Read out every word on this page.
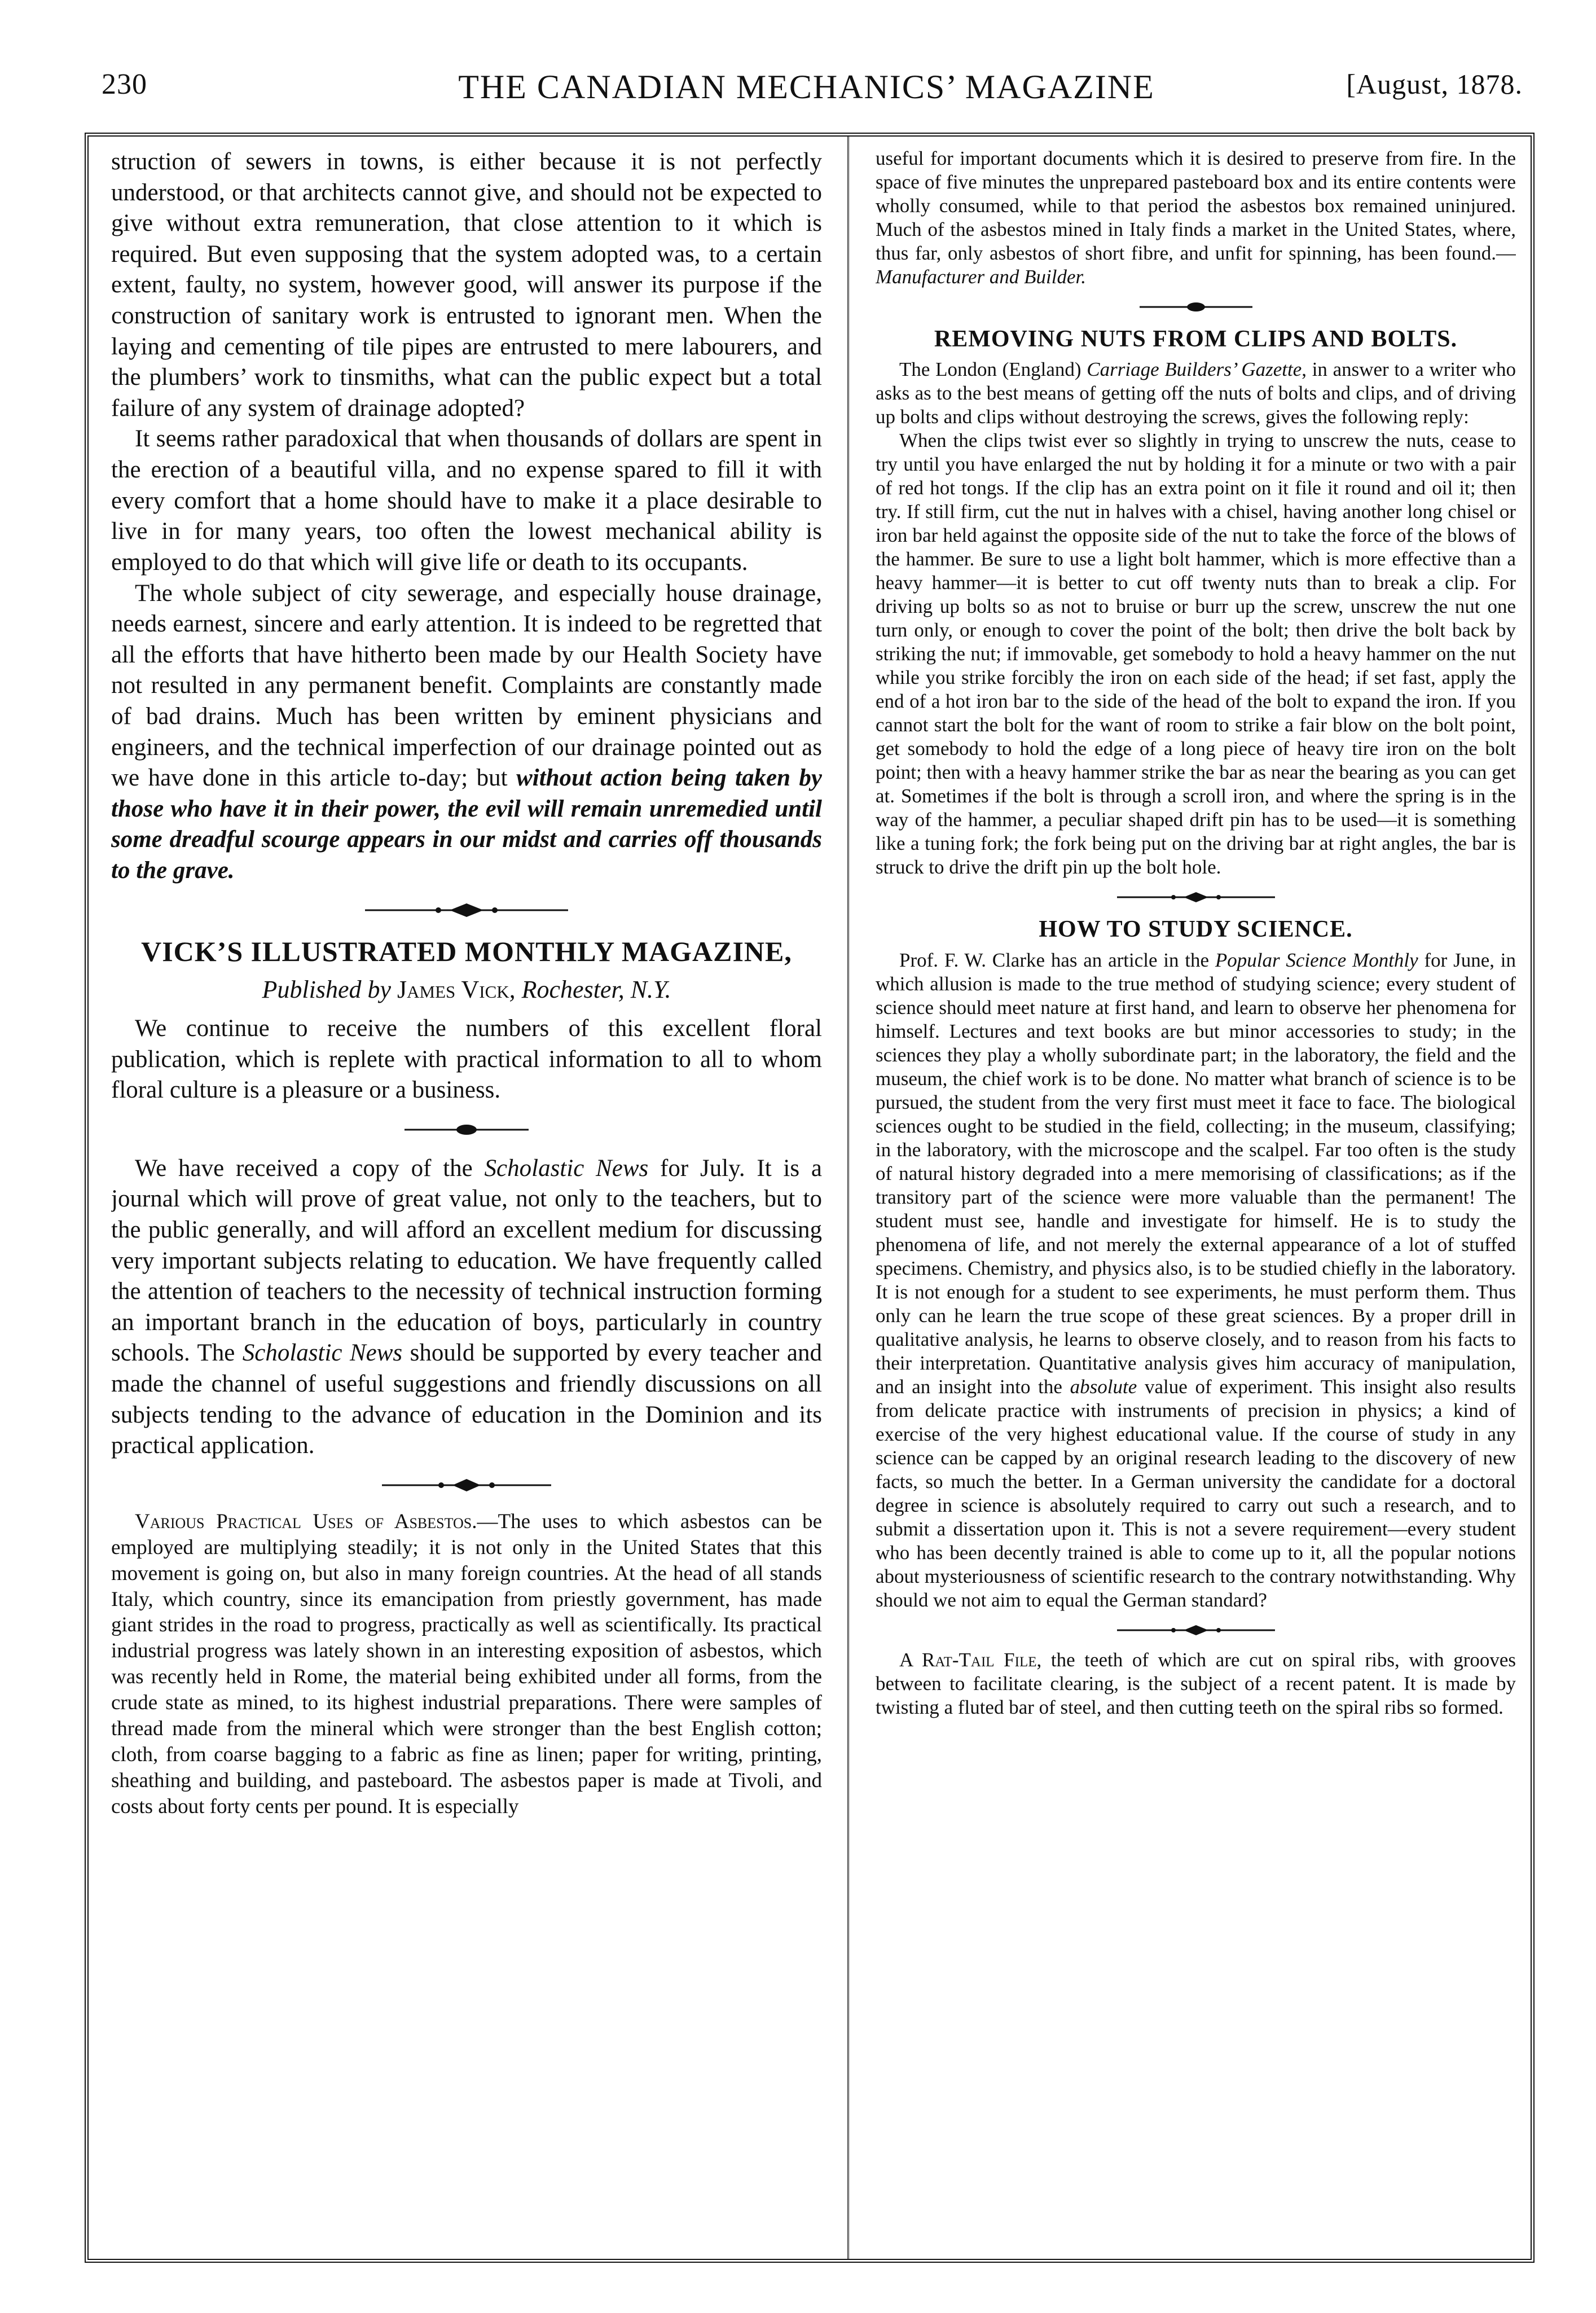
230	THE CANADIAN MECHANICS’ MAGAZINE	[August, 1878.

struction of sewers in towns, is either because it is not perfectly understood, or that architects cannot give, and should not be expected to give without extra remuneration, that close attention to it which is required. But even supposing that the system adopted was, to a certain extent, faulty, no system, however good, will answer its purpose if the construction of sanitary work is entrusted to ignorant men. When the laying and cementing of tile pipes are entrusted to mere labourers, and the plumbers’ work to tinsmiths, what can the public expect but a total failure of any system of drainage adopted?

It seems rather paradoxical that when thousands of dollars are spent in the erection of a beautiful villa, and no expense spared to fill it with every comfort that a home should have to make it a place desirable to live in for many years, too often the lowest mechanical ability is employed to do that which will give life or death to its occupants.

The whole subject of city sewerage, and especially house drainage, needs earnest, sincere and early attention. It is indeed to be regretted that all the efforts that have hitherto been made by our Health Society have not resulted in any permanent benefit. Complaints are constantly made of bad drains. Much has been written by eminent physicians and engineers, and the technical imperfection of our drainage pointed out as we have done in this article to-day; but without action being taken by those who have it in their power, the evil will remain unremedied until some dreadful scourge appears in our midst and carries off thousands to the grave.

VICK’S ILLUSTRATED MONTHLY MAGAZINE,

Published by James Vick, Rochester, N.Y.

We continue to receive the numbers of this excellent floral publication, which is replete with practical information to all to whom floral culture is a pleasure or a business.

We have received a copy of the Scholastic News for July. It is a journal which will prove of great value, not only to the teachers, but to the public generally, and will afford an excellent medium for discussing very important subjects relating to education. We have frequently called the attention of teachers to the necessity of technical instruction forming an important branch in the education of boys, particularly in country schools. The Scholastic News should be supported by every teacher and made the channel of useful suggestions and friendly discussions on all subjects tending to the advance of education in the Dominion and its practical application.

Various Practical Uses of Asbestos.—The uses to which asbestos can be employed are multiplying steadily; it is not only in the United States that this movement is going on, but also in many foreign countries. At the head of all stands Italy, which country, since its emancipation from priestly government, has made giant strides in the road to progress, practically as well as scientifically. Its practical industrial progress was lately shown in an interesting exposition of asbestos, which was recently held in Rome, the material being exhibited under all forms, from the crude state as mined, to its highest industrial preparations. There were samples of thread made from the mineral which were stronger than the best English cotton; cloth, from coarse bagging to a fabric as fine as linen; paper for writing, printing, sheathing and building, and pasteboard. The asbestos paper is made at Tivoli, and costs about forty cents per pound. It is especially

useful for important documents which it is desired to preserve from fire. In the space of five minutes the unprepared pasteboard box and its entire contents were wholly consumed, while to that period the asbestos box remained uninjured. Much of the asbestos mined in Italy finds a market in the United States, where, thus far, only asbestos of short fibre, and unfit for spinning, has been found.—Manufacturer and Builder.

REMOVING NUTS FROM CLIPS AND BOLTS.

The London (England) Carriage Builders’ Gazette, in answer to a writer who asks as to the best means of getting off the nuts of bolts and clips, and of driving up bolts and clips without destroying the screws, gives the following reply:

When the clips twist ever so slightly in trying to unscrew the nuts, cease to try until you have enlarged the nut by holding it for a minute or two with a pair of red hot tongs. If the clip has an extra point on it file it round and oil it; then try. If still firm, cut the nut in halves with a chisel, having another long chisel or iron bar held against the opposite side of the nut to take the force of the blows of the hammer. Be sure to use a light bolt hammer, which is more effective than a heavy hammer—it is better to cut off twenty nuts than to break a clip. For driving up bolts so as not to bruise or burr up the screw, unscrew the nut one turn only, or enough to cover the point of the bolt; then drive the bolt back by striking the nut; if immovable, get somebody to hold a heavy hammer on the nut while you strike forcibly the iron on each side of the head; if set fast, apply the end of a hot iron bar to the side of the head of the bolt to expand the iron. If you cannot start the bolt for the want of room to strike a fair blow on the bolt point, get somebody to hold the edge of a long piece of heavy tire iron on the bolt point; then with a heavy hammer strike the bar as near the bearing as you can get at. Sometimes if the bolt is through a scroll iron, and where the spring is in the way of the hammer, a peculiar shaped drift pin has to be used—it is something like a tuning fork; the fork being put on the driving bar at right angles, the bar is struck to drive the drift pin up the bolt hole.

HOW TO STUDY SCIENCE.

Prof. F. W. Clarke has an article in the Popular Science Monthly for June, in which allusion is made to the true method of studying science; every student of science should meet nature at first hand, and learn to observe her phenomena for himself. Lectures and text books are but minor accessories to study; in the sciences they play a wholly subordinate part; in the laboratory, the field and the museum, the chief work is to be done. No matter what branch of science is to be pursued, the student from the very first must meet it face to face. The biological sciences ought to be studied in the field, collecting; in the museum, classifying; in the laboratory, with the microscope and the scalpel. Far too often is the study of natural history degraded into a mere memorising of classifications; as if the transitory part of the science were more valuable than the permanent! The student must see, handle and investigate for himself. He is to study the phenomena of life, and not merely the external appearance of a lot of stuffed specimens. Chemistry, and physics also, is to be studied chiefly in the laboratory. It is not enough for a student to see experiments, he must perform them. Thus only can he learn the true scope of these great sciences. By a proper drill in qualitative analysis, he learns to observe closely, and to reason from his facts to their interpretation. Quantitative analysis gives him accuracy of manipulation, and an insight into the absolute value of experiment. This insight also results from delicate practice with instruments of precision in physics; a kind of exercise of the very highest educational value. If the course of study in any science can be capped by an original research leading to the discovery of new facts, so much the better. In a German university the candidate for a doctoral degree in science is absolutely required to carry out such a research, and to submit a dissertation upon it. This is not a severe requirement—every student who has been decently trained is able to come up to it, all the popular notions about mysteriousness of scientific research to the contrary notwithstanding. Why should we not aim to equal the German standard?

A Rat-Tail File, the teeth of which are cut on spiral ribs, with grooves between to facilitate clearing, is the subject of a recent patent. It is made by twisting a fluted bar of steel, and then cutting teeth on the spiral ribs so formed.
